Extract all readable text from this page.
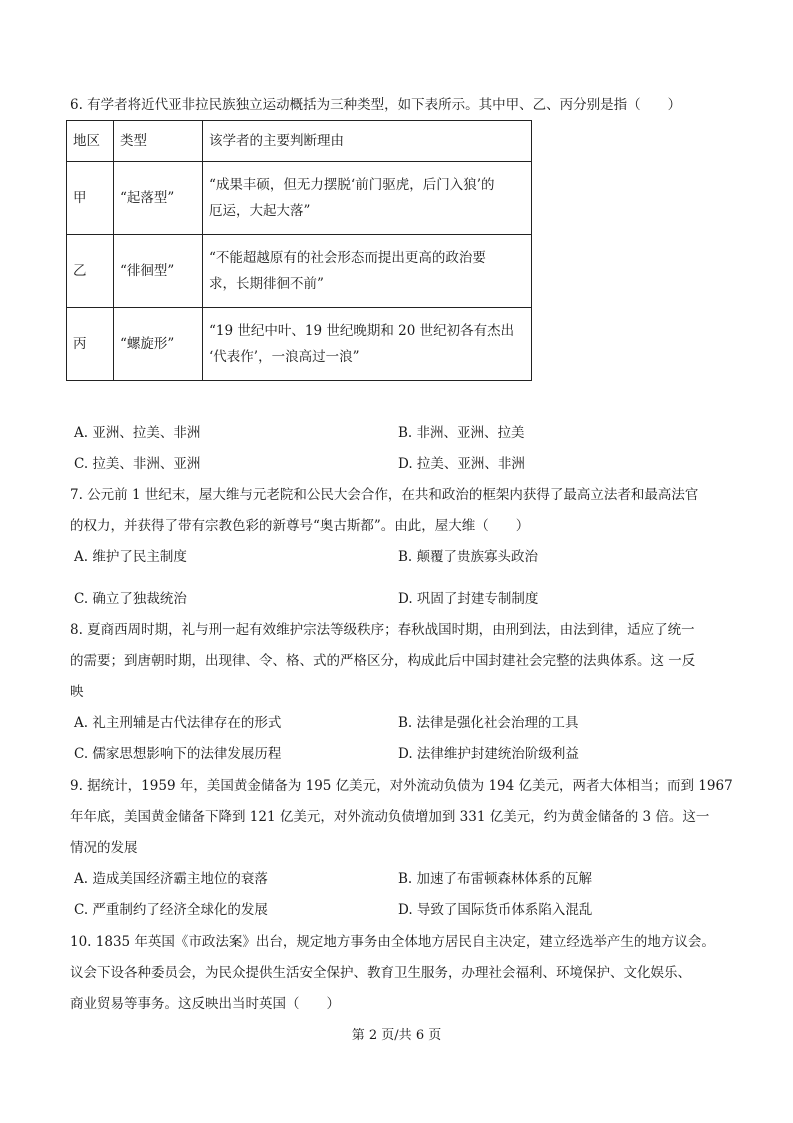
6. 有学者将近代亚非拉民族独立运动概括为三种类型，如下表所示。其中甲、乙、丙分别是指（　　）
地区	类型	该学者的主要判断理由
甲	“起落型”	“成果丰硕，但无力摆脱‘前门驱虎，后门入狼’的
厄运，大起大落”

乙	“徘徊型”	“不能超越原有的社会形态而提出更高的政治要
求，长期徘徊不前”

丙	“螺旋形”	“19 世纪中叶、19 世纪晚期和 20 世纪初各有杰出
‘代表作’，一浪高过一浪”
A. 亚洲、拉美、非洲	B. 非洲、亚洲、拉美
C. 拉美、非洲、亚洲	D. 拉美、亚洲、非洲
7. 公元前 1 世纪末，屋大维与元老院和公民大会合作，在共和政治的框架内获得了最高立法者和最高法官
的权力，并获得了带有宗教色彩的新尊号“奥古斯都”。由此，屋大维（　　）
A. 维护了民主制度	B. 颠覆了贵族寡头政治
C. 确立了独裁统治	D. 巩固了封建专制制度
8. 夏商西周时期，礼与刑一起有效维护宗法等级秩序；春秋战国时期，由刑到法，由法到律，适应了统一
的需要；到唐朝时期，出现律、令、格、式的严格区分，构成此后中国封建社会完整的法典体系。这 一反
映
A. 礼主刑辅是古代法律存在的形式	B. 法律是强化社会治理的工具
C. 儒家思想影响下的法律发展历程	D. 法律维护封建统治阶级利益
9. 据统计，1959 年，美国黄金储备为 195 亿美元，对外流动负债为 194 亿美元，两者大体相当；而到 1967
年年底，美国黄金储备下降到 121 亿美元，对外流动负债增加到 331 亿美元，约为黄金储备的 3 倍。这一
情况的发展
A. 造成美国经济霸主地位的衰落	B. 加速了布雷顿森林体系的瓦解
C. 严重制约了经济全球化的发展	D. 导致了国际货币体系陷入混乱
10. 1835 年英国《市政法案》出台，规定地方事务由全体地方居民自主决定，建立经选举产生的地方议会。
议会下设各种委员会，为民众提供生活安全保护、教育卫生服务，办理社会福利、环境保护、文化娱乐、
商业贸易等事务。这反映出当时英国（　　）
第 2 页/共 6 页
